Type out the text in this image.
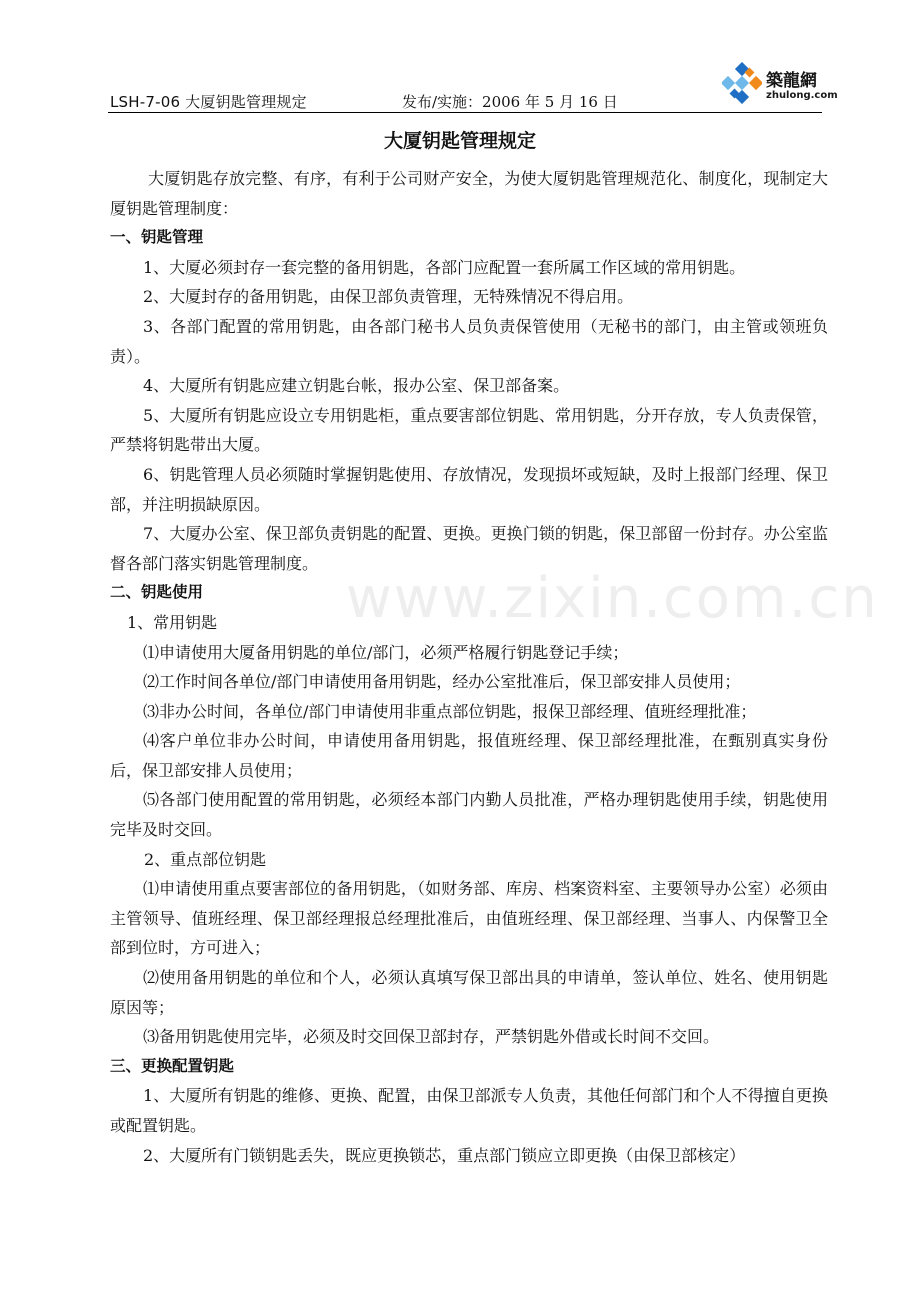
LSH-7-06 大厦钥匙管理规定	发布/实施：2006 年 5 月 16 日
築龍網
zhulong.com
www.zixin.com.cn
大厦钥匙管理规定

大厦钥匙存放完整、有序，有利于公司财产安全，为使大厦钥匙管理规范化、制度化，现制定大厦钥匙管理制度：

一、钥匙管理

1、大厦必须封存一套完整的备用钥匙，各部门应配置一套所属工作区域的常用钥匙。

2、大厦封存的备用钥匙，由保卫部负责管理，无特殊情况不得启用。

3、各部门配置的常用钥匙，由各部门秘书人员负责保管使用（无秘书的部门，由主管或领班负责）。

4、大厦所有钥匙应建立钥匙台帐，报办公室、保卫部备案。

5、大厦所有钥匙应设立专用钥匙柜，重点要害部位钥匙、常用钥匙，分开存放，专人负责保管，严禁将钥匙带出大厦。

6、钥匙管理人员必须随时掌握钥匙使用、存放情况，发现损坏或短缺，及时上报部门经理、保卫部，并注明损缺原因。

7、大厦办公室、保卫部负责钥匙的配置、更换。更换门锁的钥匙，保卫部留一份封存。办公室监督各部门落实钥匙管理制度。

二、钥匙使用

1、常用钥匙

⑴申请使用大厦备用钥匙的单位/部门，必须严格履行钥匙登记手续；

⑵工作时间各单位/部门申请使用备用钥匙，经办公室批准后，保卫部安排人员使用；

⑶非办公时间，各单位/部门申请使用非重点部位钥匙，报保卫部经理、值班经理批准；

⑷客户单位非办公时间，申请使用备用钥匙，报值班经理、保卫部经理批准，在甄别真实身份后，保卫部安排人员使用；

⑸各部门使用配置的常用钥匙，必须经本部门内勤人员批准，严格办理钥匙使用手续，钥匙使用完毕及时交回。

2、重点部位钥匙

⑴申请使用重点要害部位的备用钥匙，（如财务部、库房、档案资料室、主要领导办公室）必须由主管领导、值班经理、保卫部经理报总经理批准后，由值班经理、保卫部经理、当事人、内保警卫全部到位时，方可进入；

⑵使用备用钥匙的单位和个人，必须认真填写保卫部出具的申请单，签认单位、姓名、使用钥匙原因等；

⑶备用钥匙使用完毕，必须及时交回保卫部封存，严禁钥匙外借或长时间不交回。

三、更换配置钥匙

1、大厦所有钥匙的维修、更换、配置，由保卫部派专人负责，其他任何部门和个人不得擅自更换或配置钥匙。

2、大厦所有门锁钥匙丢失，既应更换锁芯，重点部门锁应立即更换（由保卫部核定）
